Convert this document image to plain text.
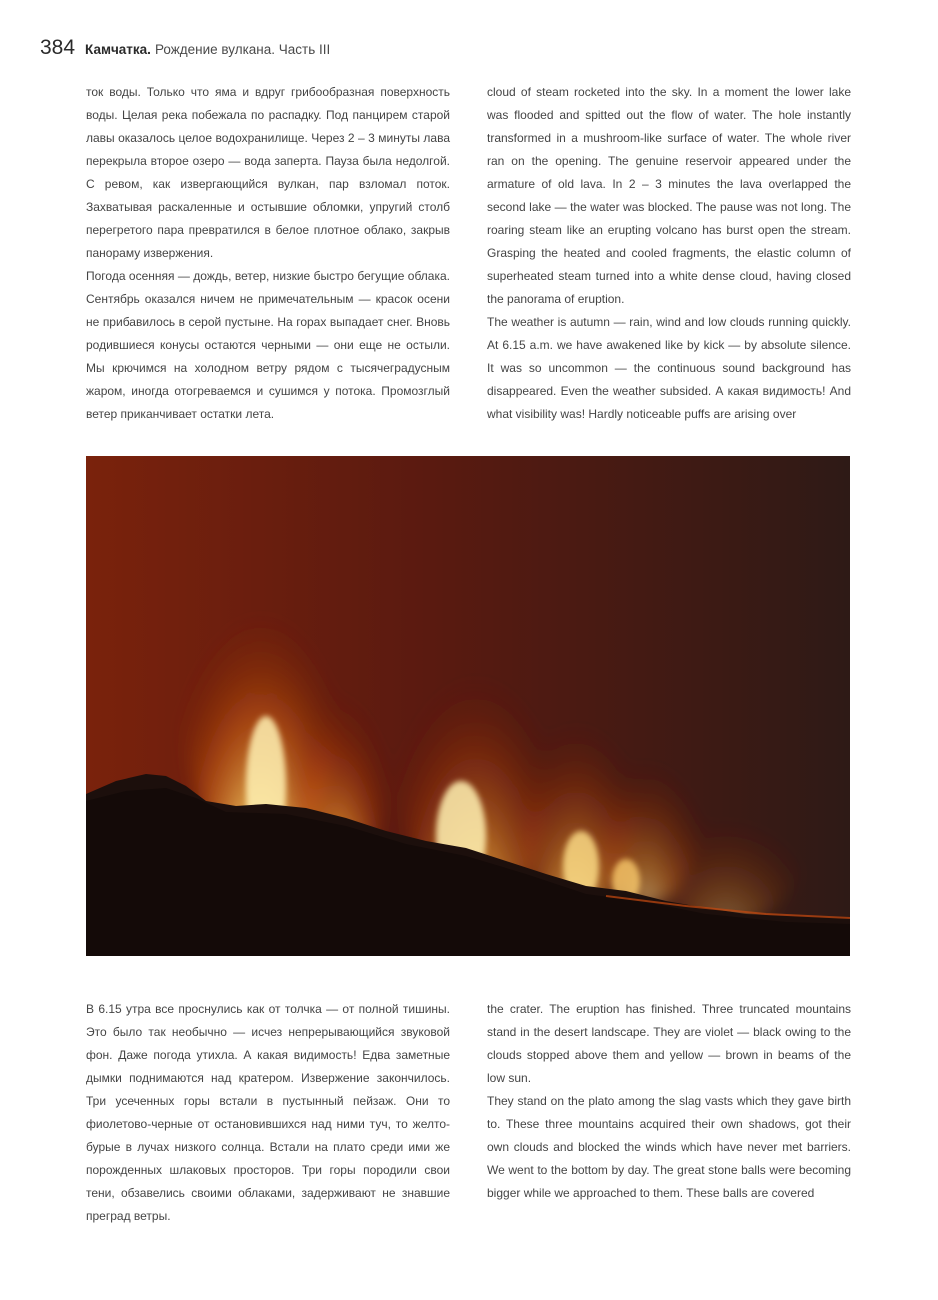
384 Камчатка . Рождение вулкана. Часть III

ток воды. Только что яма и вдруг грибообразная поверхность воды. Целая река побежала по распадку. Под панцирем старой лавы оказалось целое водохранилище. Через 2 – 3 минуты лава перекрыла второе озеро — вода заперта. Пауза была недолгой. С ревом, как извергающийся вулкан, пар взломал поток. Захватывая раскаленные и остывшие обломки, упругий столб перегретого пара превратился в белое плотное облако, закрыв панораму извержения.

Погода осенняя — дождь, ветер, низкие быстро бегущие облака. Сентябрь оказался ничем не примечательным — красок осени не прибавилось в серой пустыне. На горах выпадает снег. Вновь родившиеся конусы остаются черными — они еще не остыли. Мы крючимся на холодном ветру рядом с тысячеградусным жаром, иногда отогреваемся и сушимся у потока. Промозглый ветер приканчивает остатки лета.

cloud of steam rocketed into the sky. In a moment the lower lake was flooded and spitted out the flow of water. The hole instantly transformed in a mushroom-like surface of water. The whole river ran on the opening. The genuine reservoir appeared under the armature of old lava. In 2 – 3 minutes the lava overlapped the second lake — the water was blocked. The pause was not long. The roaring steam like an erupting volcano has burst open the stream. Grasping the heated and cooled fragments, the elastic column of superheated steam turned into a white dense cloud, having closed the panorama of eruption.

The weather is autumn — rain, wind and low clouds running quickly. At 6.15 a.m. we have awakened like by kick — by absolute silence. It was so uncommon — the continuous sound background has disappeared. Even the weather subsided. А какая видимость! And what visibility was! Hardly noticeable puffs are arising over

В 6.15 утра все проснулись как от толчка — от полной тишины. Это было так необычно — исчез непрерывающийся звуковой фон. Даже погода утихла. А какая видимость! Едва заметные дымки поднимаются над кратером. Извержение закончилось. Три усеченных горы встали в пустынный пейзаж. Они то фиолетово-черные от остановившихся над ними туч, то желто-бурые в лучах низкого солнца. Встали на плато среди ими же порожденных шлаковых просторов. Три горы породили свои тени, обзавелись своими облаками, задерживают не знавшие преград ветры.

the crater. The eruption has finished. Three truncated mountains stand in the desert landscape. They are violet — black owing to the clouds stopped above them and yellow — brown in beams of the low sun.

They stand on the plato among the slag vasts which they gave birth to. These three mountains acquired their own shadows, got their own clouds and blocked the winds which have never met barriers. We went to the bottom by day. The great stone balls were becoming bigger while we approached to them. These balls are covered
